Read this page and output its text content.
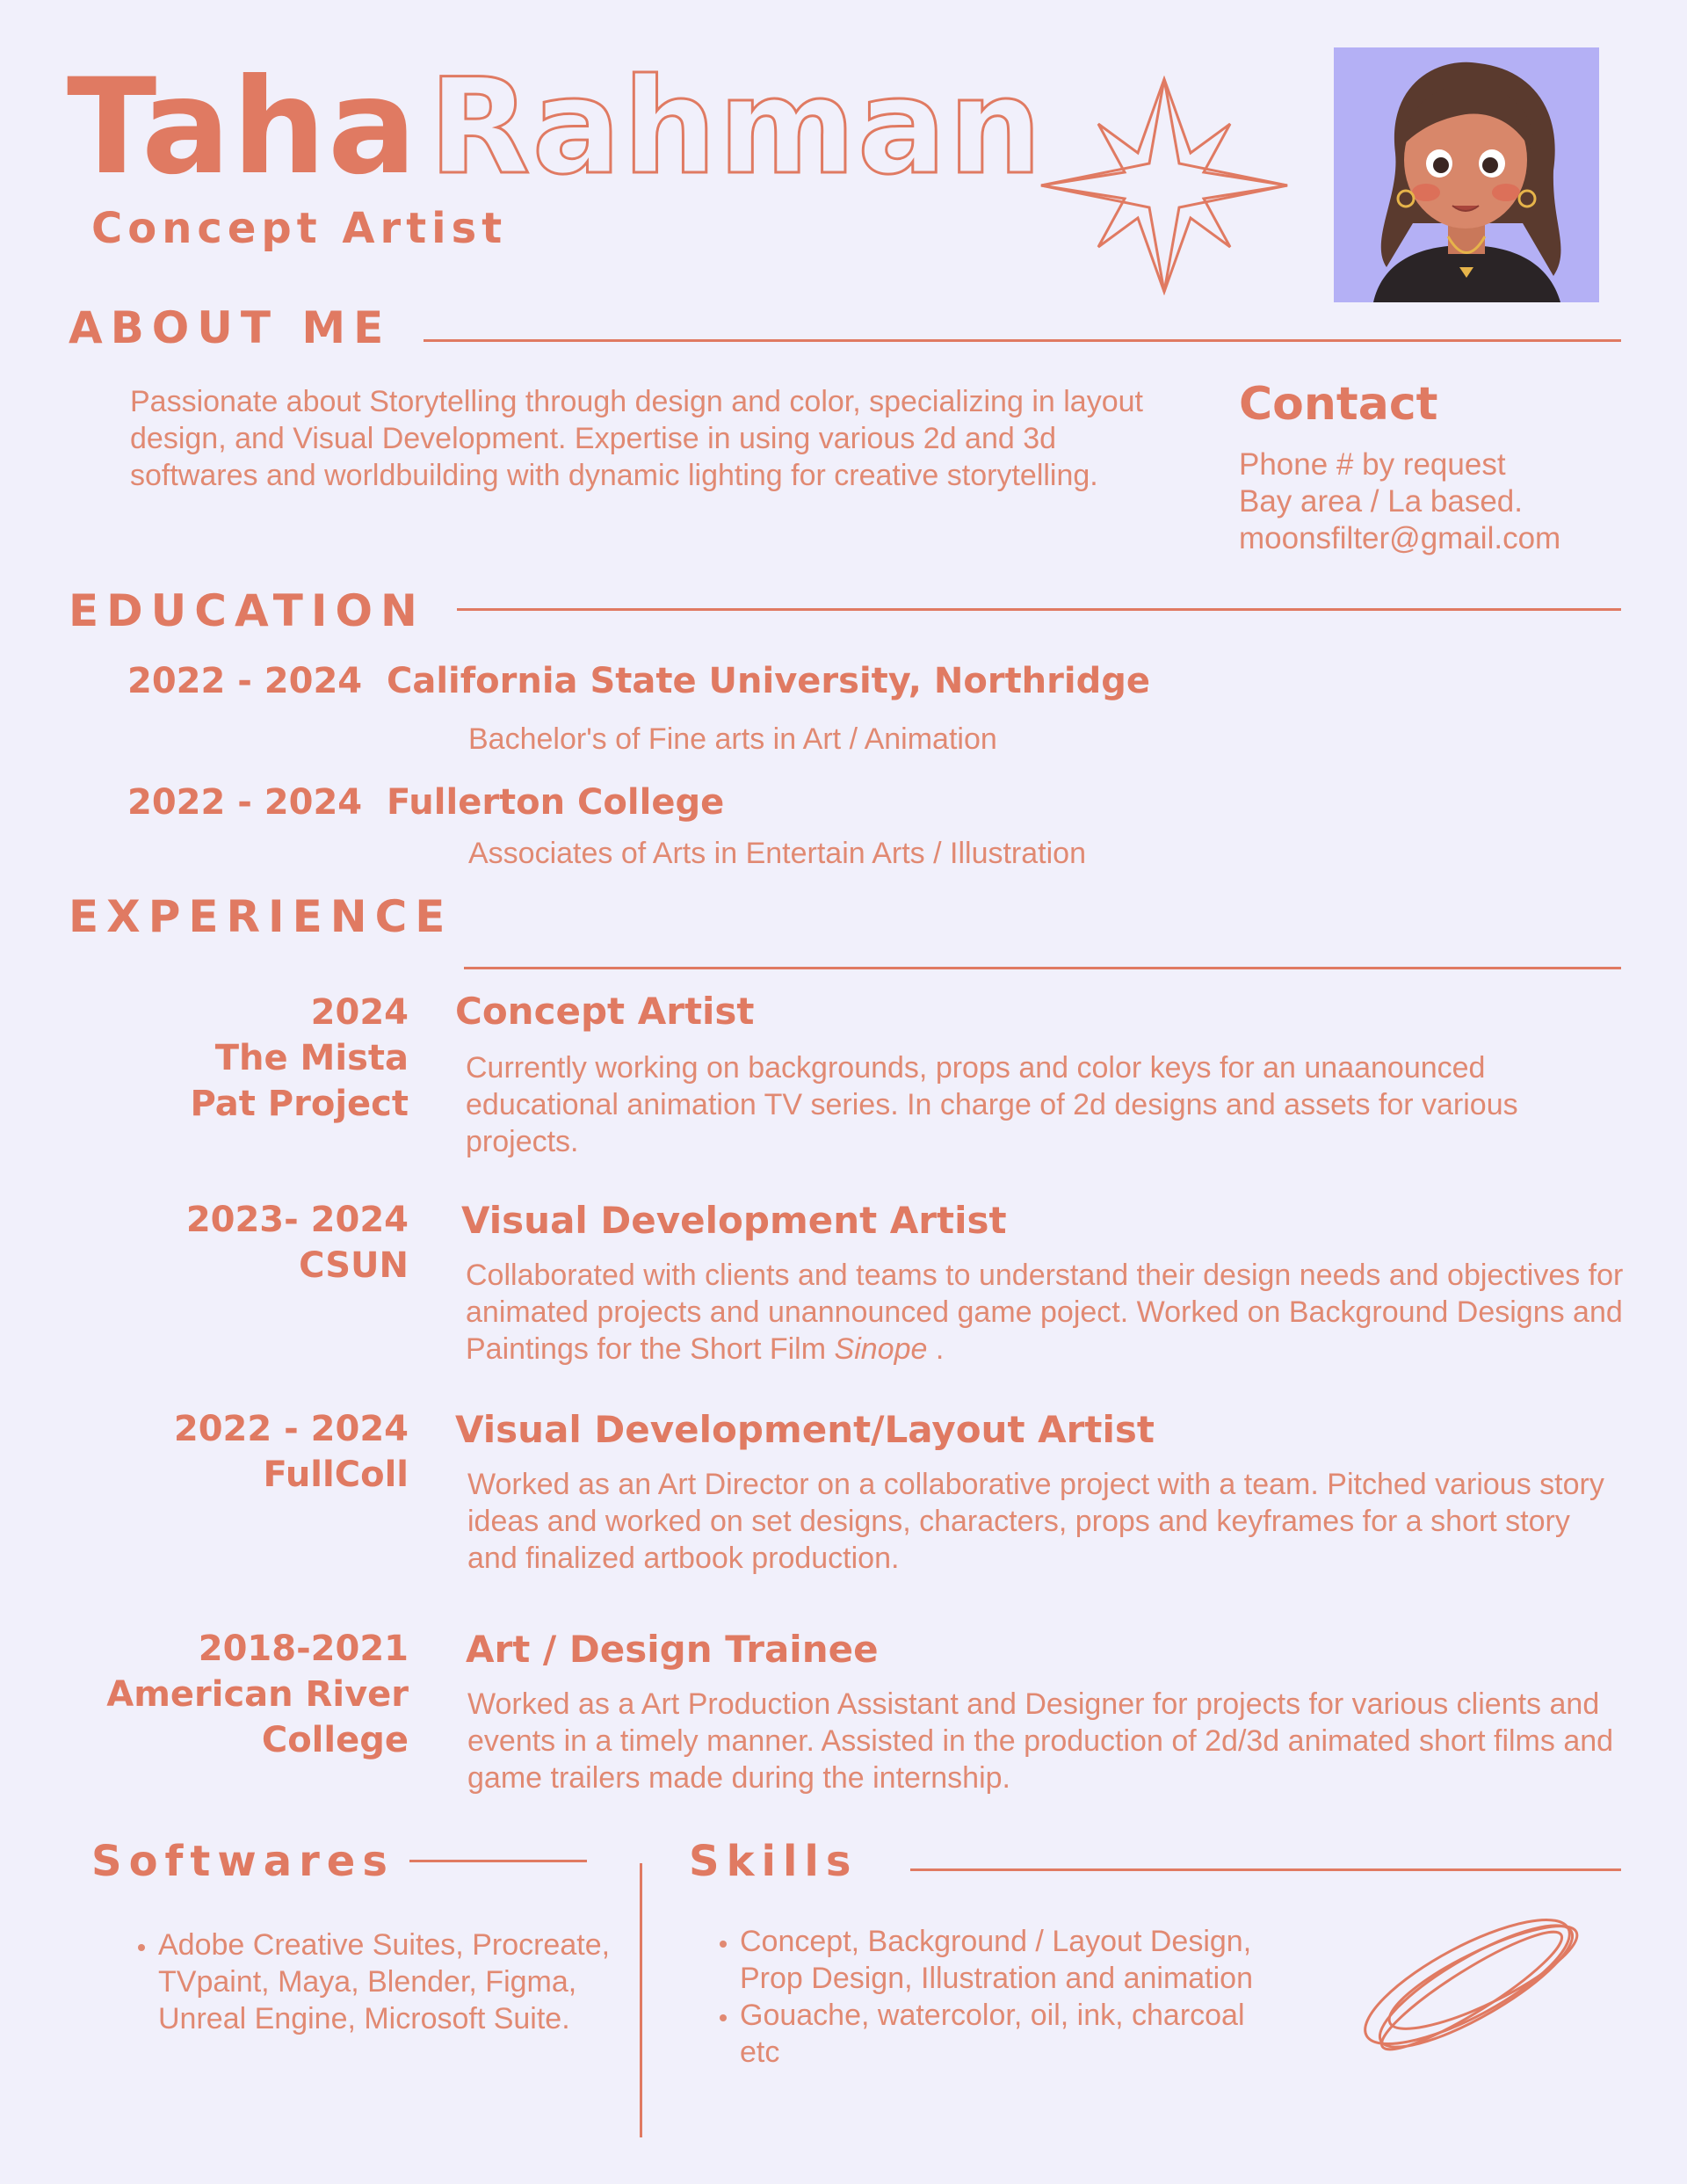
Taha Rahman
Concept Artist
ABOUT ME
Passionate about Storytelling through design and color, specializing in layout design, and Visual Development. Expertise in using various 2d and 3d softwares and worldbuilding with dynamic lighting for creative storytelling.
Contact
Phone # by request
Bay area / La based.
moonsfilter@gmail.com
EDUCATION
2022 - 2024 California State University, Northridge
Bachelor's of Fine arts in Art / Animation
2022 - 2024 Fullerton College
Associates of Arts in Entertain Arts / Illustration
EXPERIENCE
2024
The Mista Pat Project
Concept Artist
Currently working on backgrounds, props and color keys for an unaanounced educational animation TV series. In charge of 2d designs and assets for various projects.
2023- 2024
CSUN
Visual Development Artist
Collaborated with clients and teams to understand their design needs and objectives for animated projects and unannounced game poject. Worked on Background Designs and Paintings for the Short Film Sinope .
2022 - 2024
FullColl
Visual Development/Layout Artist
Worked as an Art Director on a collaborative project with a team. Pitched various story ideas and worked on set designs, characters, props and keyframes for a short story and finalized artbook production.
2018-2021
American River College
Art / Design Trainee
Worked as a Art Production Assistant and Designer for projects for various clients and events in a timely manner. Assisted in the production of 2d/3d animated short films and game trailers made during the internship.
Softwares
• Adobe Creative Suites, Procreate, TVpaint, Maya, Blender, Figma, Unreal Engine, Microsoft Suite.
Skills
• Concept, Background / Layout Design, Prop Design, Illustration and animation
• Gouache, watercolor, oil, ink, charcoal etc
